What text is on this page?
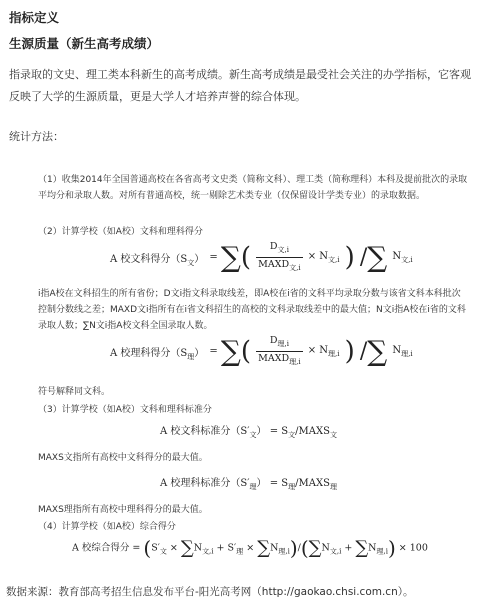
指标定义

生源质量（新生高考成绩）

指录取的文史、理工类本科新生的高考成绩。新生高考成绩是最受社会关注的办学指标，它客观反映了大学的生源质量，更是大学人才培养声誉的综合体现。

统计方法：

（1）收集2014年全国普通高校在各省高考文史类（简称文科）、理工类（简称理科）本科及提前批次的录取平均分和录取人数。对所有普通高校，统一剔除艺术类专业（仅保留设计学类专业）的录取数据。

（2）计算学校（如A校）文科和理科得分

A 校文科得分$(S_文)$ = ∑( $\frac{D_{文,i}}{MAXD_{文,i}} \times N_{文,i}$ ) /∑ $N_{文,i}$

i指A校在文科招生的所有省份；D文i指文科录取线差，即A校在i省的文科平均录取分数与该省文科本科批次控制分数线之差；MAXD文i指所有在i省文科招生的高校的文科录取线差中的最大值；N文i指A校在i省的文科录取人数；∑N文i指A校文科全国录取人数。

A 校理科得分$(S_理)$ = ∑( $\frac{D_{理,i}}{MAXD_{理,i}} \times N_{理,i}$ ) /∑ $N_{理,i}$

符号解释同文科。

（3）计算学校（如A校）文科和理科标准分

A 校文科标准分$(S'_文)$ = $S_文/MAXS_文$

MAXS文指所有高校中文科得分的最大值。

A 校理科标准分$(S'_理)$ = $S_理/MAXS_理$

MAXS理指所有高校中理科得分的最大值。

（4）计算学校（如A校）综合得分

A 校综合得分 = $(S'_文 \times \sum N_{文,i} + S'_理 \times \sum N_{理,i})/(\sum N_{文,i} + \sum N_{理,i}) \times 100$

数据来源：教育部高考招生信息发布平台-阳光高考网（http://gaokao.chsi.com.cn）。
